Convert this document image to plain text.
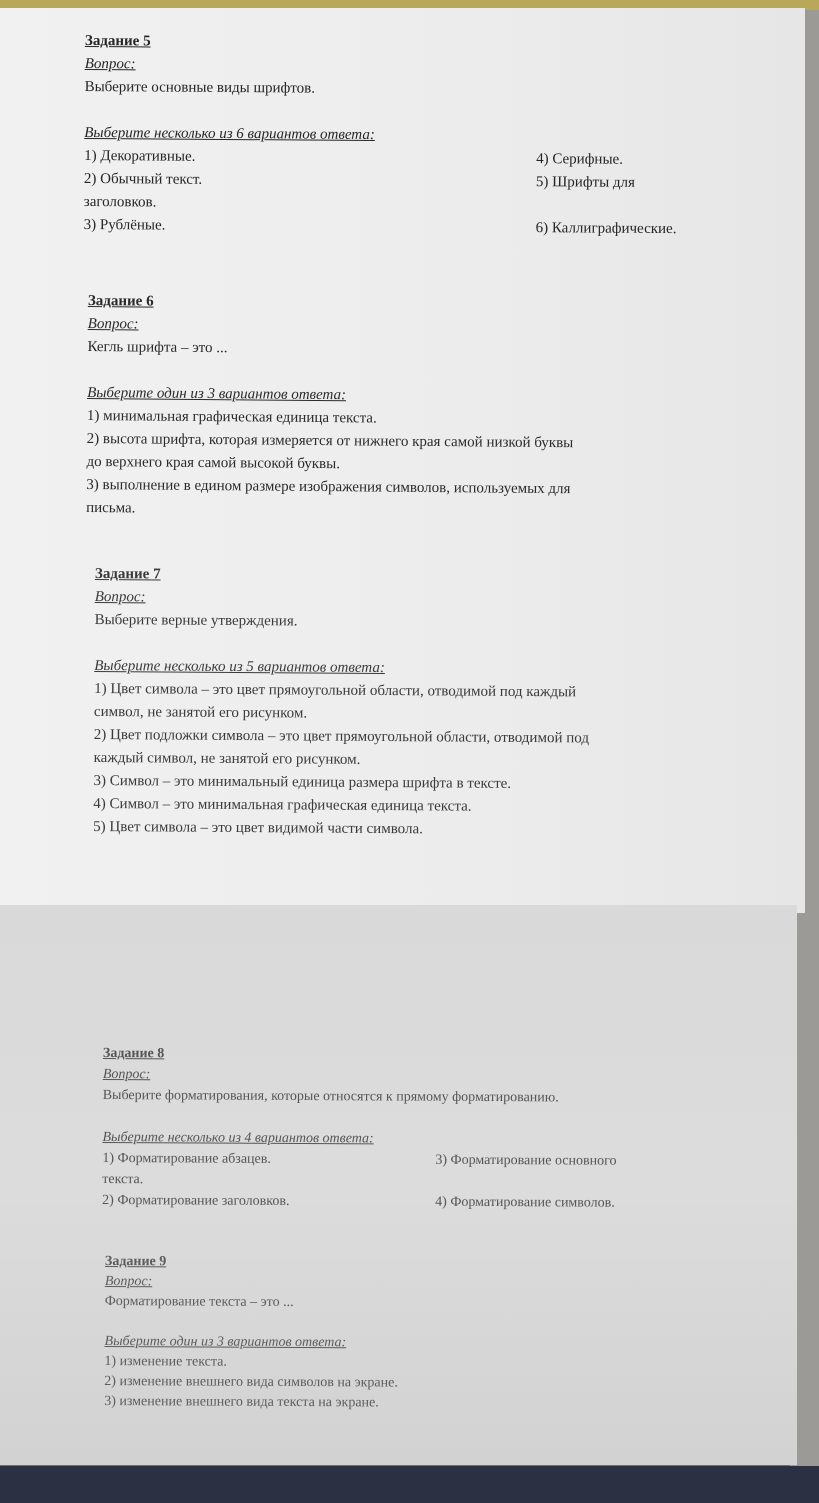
Задание 5
Вопрос:
Выберите основные виды шрифтов.
Выберите несколько из 6 вариантов ответа:
1) Декоративные.	4) Серифные.
2) Обычный текст.	5) Шрифты для
заголовков.
3) Рублёные.	6) Каллиграфические.
Задание 6
Вопрос:
Кегль шрифта – это ...
Выберите один из 3 вариантов ответа:
1) минимальная графическая единица текста.
2) высота шрифта, которая измеряется от нижнего края самой низкой буквы
до верхнего края самой высокой буквы.
3) выполнение в едином размере изображения символов, используемых для
письма.
Задание 7
Вопрос:
Выберите верные утверждения.
Выберите несколько из 5 вариантов ответа:
1) Цвет символа – это цвет прямоугольной области, отводимой под каждый
символ, не занятой его рисунком.
2) Цвет подложки символа – это цвет прямоугольной области, отводимой под
каждый символ, не занятой его рисунком.
3) Символ – это минимальный единица размера шрифта в тексте.
4) Символ – это минимальная графическая единица текста.
5) Цвет символа – это цвет видимой части символа.
Задание 8
Вопрос:
Выберите форматирования, которые относятся к прямому форматированию.
Выберите несколько из 4 вариантов ответа:
1) Форматирование абзацев.	3) Форматирование основного
текста.
2) Форматирование заголовков.	4) Форматирование символов.
Задание 9
Вопрос:
Форматирование текста – это ...
Выберите один из 3 вариантов ответа:
1) изменение текста.
2) изменение внешнего вида символов на экране.
3) изменение внешнего вида текста на экране.
